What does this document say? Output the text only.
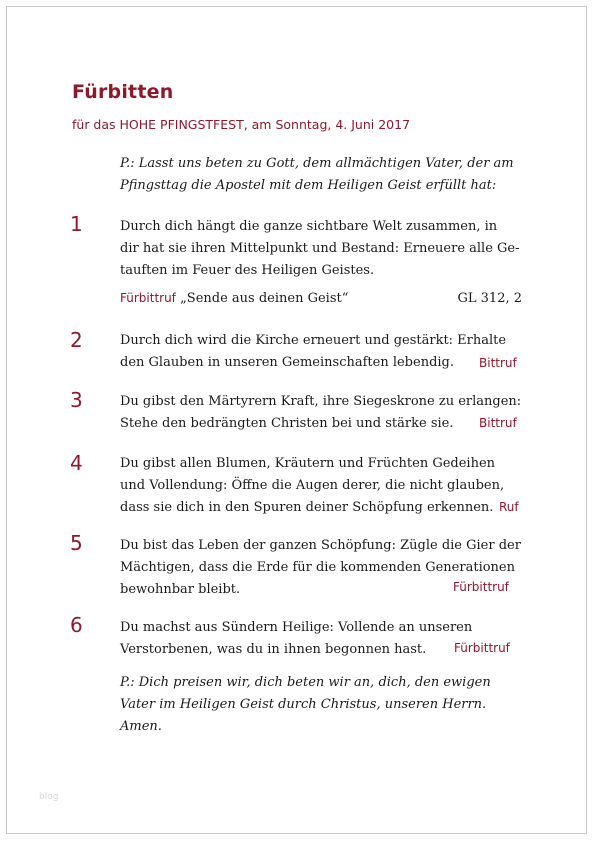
Fürbitten
für das HOHE PFINGSTFEST, am Sonntag, 4. Juni 2017
P.: Lasst uns beten zu Gott, dem allmächtigen Vater, der am
Pfingsttag die Apostel mit dem Heiligen Geist erfüllt hat:
1	Durch dich hängt die ganze sichtbare Welt zusammen, in
dir hat sie ihren Mittelpunkt und Bestand: Erneuere alle Ge-
tauften im Feuer des Heiligen Geistes.
Fürbittruf „Sende aus deinen Geist“	GL 312, 2
2	Durch dich wird die Kirche erneuert und gestärkt: Erhalte
den Glauben in unseren Gemeinschaften lebendig.	Bittruf
3	Du gibst den Märtyrern Kraft, ihre Siegeskrone zu erlangen:
Stehe den bedrängten Christen bei und stärke sie.	Bittruf
4	Du gibst allen Blumen, Kräutern und Früchten Gedeihen
und Vollendung: Öffne die Augen derer, die nicht glauben,
dass sie dich in den Spuren deiner Schöpfung erkennen. Ruf
5	Du bist das Leben der ganzen Schöpfung: Zügle die Gier der
Mächtigen, dass die Erde für die kommenden Generationen
bewohnbar bleibt.	Fürbittruf
6	Du machst aus Sündern Heilige: Vollende an unseren
Verstorbenen, was du in ihnen begonnen hast.	Fürbittruf
P.: Dich preisen wir, dich beten wir an, dich, den ewigen
Vater im Heiligen Geist durch Christus, unseren Herrn.
Amen.
blog
